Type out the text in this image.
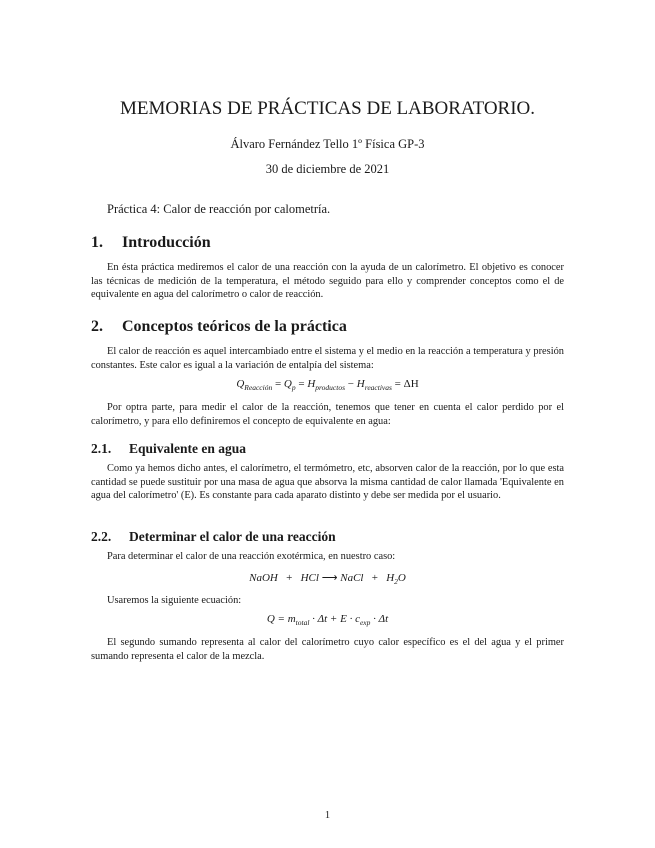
MEMORIAS DE PRÁCTICAS DE LABORATORIO.
Álvaro Fernández Tello 1º Física GP-3
30 de diciembre de 2021
Práctica 4: Calor de reacción por calometría.
1. Introducción
En ésta práctica mediremos el calor de una reacción con la ayuda de un calorímetro. El objetivo es conocer las técnicas de medición de la temperatura, el método seguido para ello y comprender conceptos como el de equivalente en agua del calorímetro o calor de reacción.
2. Conceptos teóricos de la práctica
El calor de reacción es aquel intercambiado entre el sistema y el medio en la reacción a temperatura y presión constantes. Este calor es igual a la variación de entalpía del sistema:
$Q_{Reacción} = Q_p = H_{productos} - H_{reactivas} = \Delta H$
Por optra parte, para medir el calor de la reacción, tenemos que tener en cuenta el calor perdido por el calorímetro, y para ello definiremos el concepto de equivalente en agua:
2.1. Equivalente en agua
Como ya hemos dicho antes, el calorímetro, el termómetro, etc, absorven calor de la reacción, por lo que esta cantidad se puede sustituir por una masa de agua que absorva la misma cantidad de calor llamada 'Equivalente en agua del calorímetro' (E). Es constante para cada aparato distinto y debe ser medida por el usuario.
2.2. Determinar el calor de una reacción
Para determinar el calor de una reacción exotérmica, en nuestro caso:
NaOH + HCl ⟶ NaCl + $H_2O$
Usaremos la siguiente ecuación:
$Q = m_{total} \cdot \Delta t + E \cdot c_{exp} \cdot \Delta t$
El segundo sumando representa al calor del calorímetro cuyo calor específico es el del agua y el primer sumando representa el calor de la mezcla.
1
